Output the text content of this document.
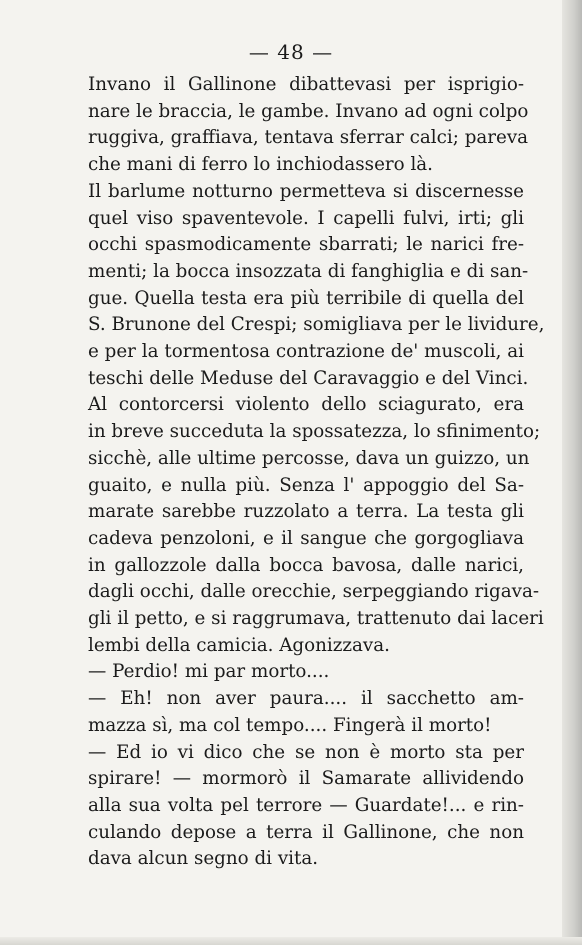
— 48 —

Invano il Gallinone dibattevasi per isprigio-
nare le braccia, le gambe. Invano ad ogni colpo
ruggiva, graffiava, tentava sferrar calci; pareva
che mani di ferro lo inchiodassero là.

Il barlume notturno permetteva si discernesse
quel viso spaventevole. I capelli fulvi, irti; gli
occhi spasmodicamente sbarrati; le narici fre-
menti; la bocca insozzata di fanghiglia e di san-
gue. Quella testa era più terribile di quella del
S. Brunone del Crespi; somigliava per le lividure,
e per la tormentosa contrazione de' muscoli, ai
teschi delle Meduse del Caravaggio e del Vinci.

Al contorcersi violento dello sciagurato, era
in breve succeduta la spossatezza, lo sfinimento;
sicchè, alle ultime percosse, dava un guizzo, un
guaito, e nulla più. Senza l' appoggio del Sa-
marate sarebbe ruzzolato a terra. La testa gli
cadeva penzoloni, e il sangue che gorgogliava
in gallozzole dalla bocca bavosa, dalle narici,
dagli occhi, dalle orecchie, serpeggiando rigava-
gli il petto, e si raggrumava, trattenuto dai laceri
lembi della camicia. Agonizzava.

— Perdio! mi par morto....

— Eh! non aver paura.... il sacchetto am-
mazza sì, ma col tempo.... Fingerà il morto!

— Ed io vi dico che se non è morto sta per
spirare! — mormorò il Samarate allividendo
alla sua volta pel terrore — Guardate!... e rin-
culando depose a terra il Gallinone, che non
dava alcun segno di vita.
